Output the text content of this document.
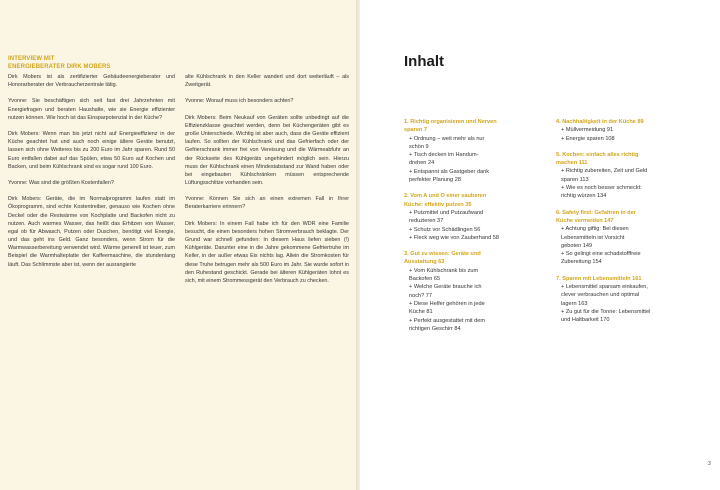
INTERVIEW MIT
ENERGIEBERATER DIRK MOBERS

Dirk Mobers ist als zertifizierter Gebäudeenergieberater und Honorarberater der Verbraucherzentrale tätig.

Yvonne: Sie beschäftigen sich seit fast drei Jahrzehnten mit Energiefragen und beraten Haushalte, wie sie Energie effizienter nutzen können. Wie hoch ist das Einsparpotenzial in der Küche?

Dirk Mobers: Wenn man bis jetzt nicht auf Energieeffizienz in der Küche geachtet hat und auch noch einige ältere Geräte benutzt, lassen sich ohne Weiteres bis zu 200 Euro im Jahr sparen. Rund 50 Euro entfallen dabei auf das Spülen, etwa 50 Euro auf Kochen und Backen, und beim Kühlschrank sind es sogar rund 100 Euro.

Yvonne: Was sind die größten Kostenfallen?

Dirk Mobers: Geräte, die im Normalprogramm laufen statt im Ökoprogramm, sind echte Kostentreiber, genauso wie Kochen ohne Deckel oder die Restwärme von Kochplatte und Backofen nicht zu nutzen. Auch warmes Wasser, das heißt das Erhitzen von Wasser, egal ob für Abwasch, Putzen oder Duschen, benötigt viel Energie, und das geht ins Geld. Ganz besonders, wenn Strom für die Warmwasserbereitung verwendet wird. Wärme generell ist teuer, zum Beispiel die Warmhalteplatte der Kaffeemaschine, die stundenlang läuft. Das Schlimmste aber ist, wenn der ausrangierte

alte Kühlschrank in den Keller wandert und dort weiterläuft – als Zweitgerät.

Yvonne: Worauf muss ich besonders achten?

Dirk Mobers: Beim Neukauf von Geräten sollte unbedingt auf die Effizienzklasse geachtet werden, denn bei Küchengeräten gibt es große Unterschiede. Wichtig ist aber auch, dass die Geräte effizient laufen. So sollten der Kühlschrank und das Gefrierfach oder der Gefrierschrank immer frei von Vereisung und die Wärmeabfuhr an der Rückseite des Kühlgeräts ungehindert möglich sein. Hierzu muss der Kühlschrank einen Mindestabstand zur Wand haben oder bei eingebauten Kühlschränken müssen entsprechende Lüftungsschlitze vorhanden sein.

Yvonne: Können Sie sich an einen extremen Fall in Ihrer Beraterkarriere erinnern?

Dirk Mobers: In einem Fall habe ich für den WDR eine Familie besucht, die einen besonders hohen Stromverbrauch beklagte. Der Grund war schnell gefunden: In diesem Haus liefen sieben (!) Kühlgeräte. Darunter eine in die Jahre gekommene Gefriertruhe im Keller, in der außer etwas Eis nichts lag. Allein die Stromkosten für diese Truhe betrugen mehr als 500 Euro im Jahr. Sie wurde sofort in den Ruhestand geschickt. Gerade bei älteren Kühlgeräten lohnt es sich, mit einem Strommessgerät den Verbrauch zu checken.

Inhalt
1. Richtig organisieren und Nerven
sparen 7
+ Ordnung – weit mehr als nur
schön 9
+ Tisch decken im Handum-
drehen 24
+ Entspannt als Gastgeber dank
perfekter Planung 28
2. Vom A und O einer sauberen
Küche: effektiv putzen 35
+ Putzmittel und Putzaufwand
reduzieren 37
+ Schutz vor Schädlingen 56
+ Fleck weg wie von Zauberhand 58
3. Gut zu wissen: Geräte und
Ausstattung 63
+ Vom Kühlschrank bis zum
Backofen 65
+ Welche Geräte brauche ich
noch? 77
+ Diese Helfer gehören in jede
Küche 81
+ Perfekt ausgestattet mit dem
richtigen Geschirr 84
4. Nachhaltigkeit in der Küche 89
+ Müllvermeidung 91
+ Energie sparen 108
5. Kochen: einfach alles richtig
machen 111
+ Richtig zubereiten, Zeit und Geld
sparen 113
+ Wie es noch besser schmeckt:
richtig würzen 134
6. Safety first: Gefahren in der
Küche vermeiden 147
+ Achtung giftig: Bei diesen
Lebensmitteln ist Vorsicht
geboten 149
+ So gelingt eine schadstofffreie
Zubereitung 154
7. Sparen mit Lebensmitteln 161
+ Lebensmittel sparsam einkaufen,
clever verbrauchen und optimal
lagern 163
+ Zu gut für die Tonne: Lebensmittel
und Haltbarkeit 170
3
